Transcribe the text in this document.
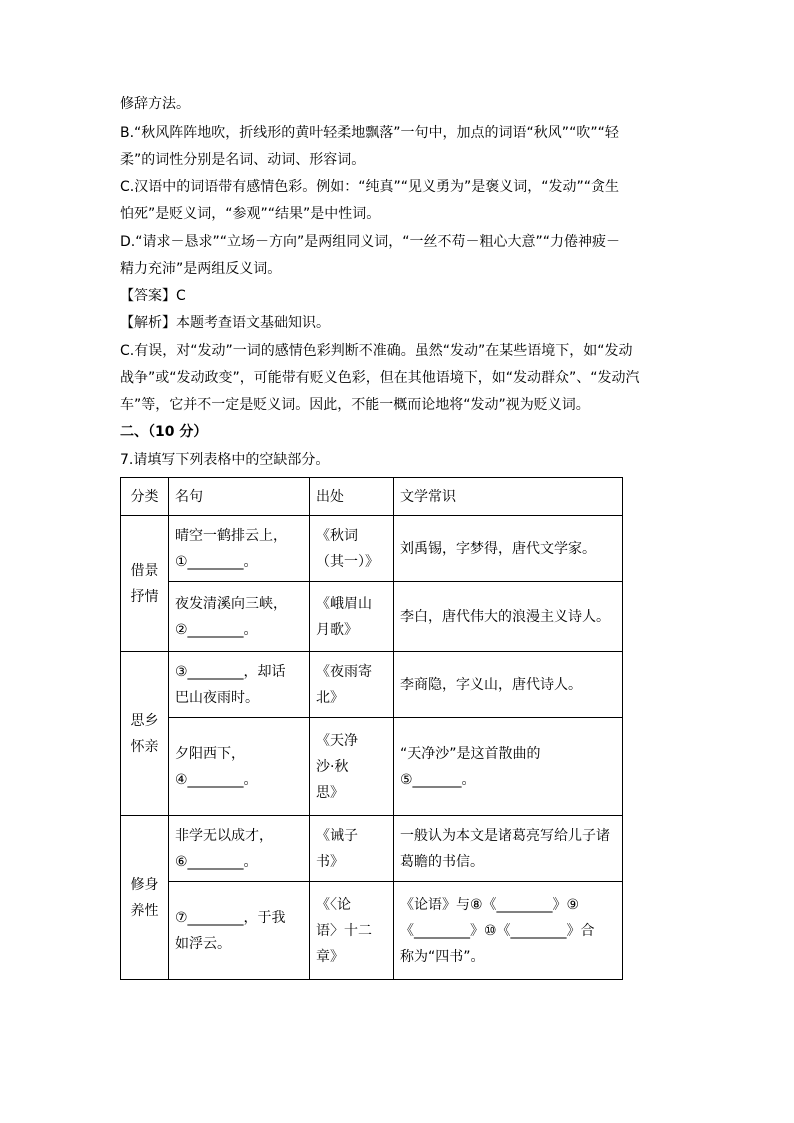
修辞方法。
B.“秋风阵阵地吹，折线形的黄叶轻柔地飘落”一句中，加点的词语“秋风”“吹”“轻
柔”的词性分别是名词、动词、形容词。
C.汉语中的词语带有感情色彩。例如：“纯真”“见义勇为”是褒义词，“发动”“贪生
怕死”是贬义词，“参观”“结果”是中性词。
D.“请求－恳求”“立场－方向”是两组同义词，“一丝不苟－粗心大意”“力倦神疲－
精力充沛”是两组反义词。
【答案】C
【解析】本题考查语文基础知识。
C.有误，对“发动”一词的感情色彩判断不准确。虽然“发动”在某些语境下，如“发动
战争”或“发动政变”，可能带有贬义色彩，但在其他语境下，如“发动群众”、“发动汽
车”等，它并不一定是贬义词。因此，不能一概而论地将“发动”视为贬义词。
二、（10 分）
7.请填写下列表格中的空缺部分。
分类	名句	出处	文学常识

借景
抒情	晴空一鹤排云上，
①________。	《秋词
（其一）》	刘禹锡，字梦得，唐代文学家。

	夜发清溪向三峡，
②________。	《峨眉山
月歌》	李白，唐代伟大的浪漫主义诗人。

思乡
怀亲	③________，却话
巴山夜雨时。	《夜雨寄
北》	李商隐，字义山，唐代诗人。

	夕阳西下，
④________。	《天净
沙·秋
思》	“天净沙”是这首散曲的
⑤_______。

修身
养性	非学无以成才，
⑥________。	《诫子
书》	一般认为本文是诸葛亮写给儿子诸
葛瞻的书信。

	⑦________，于我
如浮云。	《〈论
语〉十二
章》	《论语》与⑧《________》⑨
《________》⑩《________》合
称为“四书”。
